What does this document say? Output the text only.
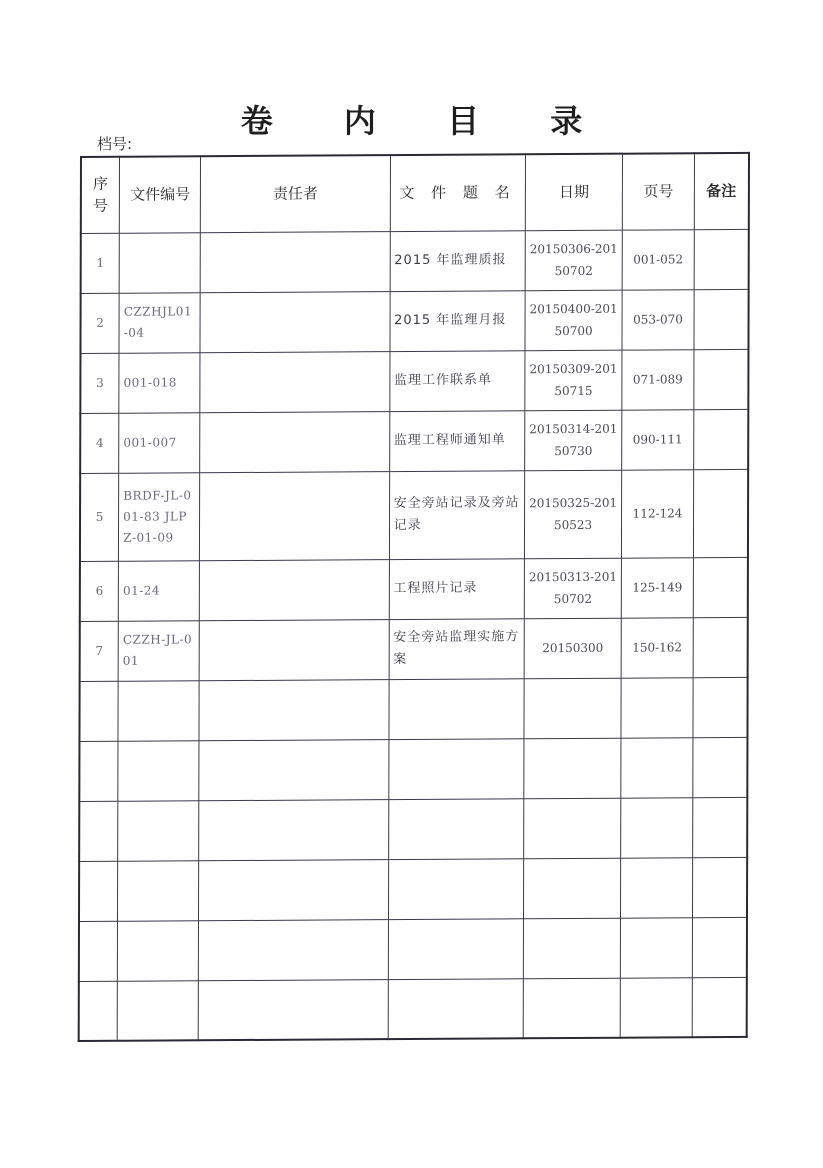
卷 内 目 录
档号:
序号	文件编号	责任者	文 件 题 名	日期	页号	备注
1			2015 年监理质报	20150306-20150702	001-052	
2	CZZHJL01-04		2015 年监理月报	20150400-20150700	053-070	
3	001-018		监理工作联系单	20150309-20150715	071-089	
4	001-007		监理工程师通知单	20150314-20150730	090-111	
5	BRDF-JL-001-83 JLPZ-01-09		安全旁站记录及旁站记录	20150325-20150523	112-124	
6	01-24		工程照片记录	20150313-20150702	125-149	
7	CZZH-JL-001		安全旁站监理实施方案	20150300	150-162	
